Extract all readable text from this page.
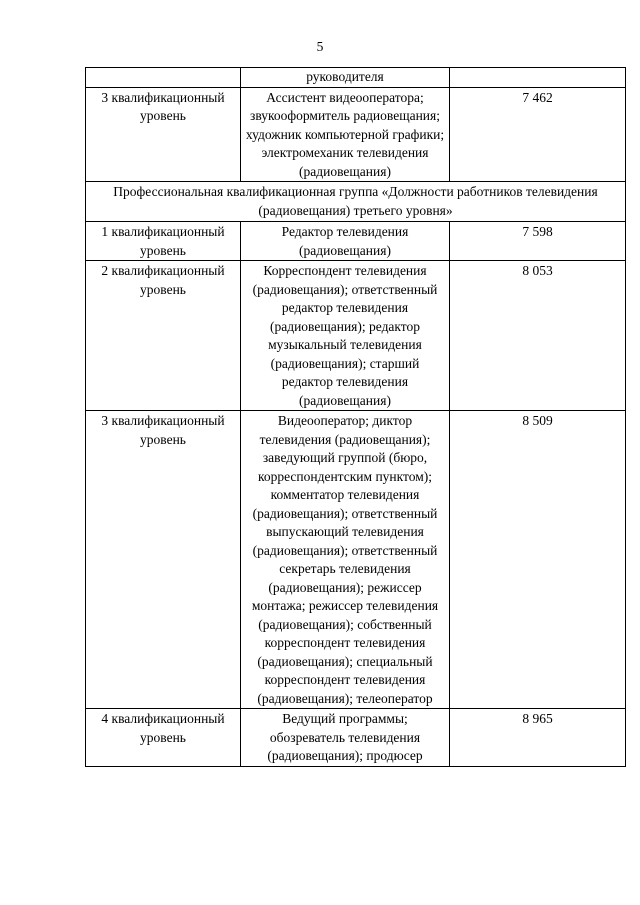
5
	руководителя	
3 квалификационный уровень	Ассистент видеооператора; звукооформитель радиовещания; художник компьютерной графики; электромеханик телевидения (радиовещания)	7 462
Профессиональная квалификационная группа «Должности работников телевидения (радиовещания) третьего уровня»		
1 квалификационный уровень	Редактор телевидения (радиовещания)	7 598
2 квалификационный уровень	Корреспондент телевидения (радиовещания); ответственный редактор телевидения (радиовещания); редактор музыкальный телевидения (радиовещания); старший редактор телевидения (радиовещания)	8 053
3 квалификационный уровень	Видеооператор; диктор телевидения (радиовещания); заведующий группой (бюро, корреспондентским пунктом); комментатор телевидения (радиовещания); ответственный выпускающий телевидения (радиовещания); ответственный секретарь телевидения (радиовещания); режиссер монтажа; режиссер телевидения (радиовещания); собственный корреспондент телевидения (радиовещания); специальный корреспондент телевидения (радиовещания); телеоператор	8 509
4 квалификационный уровень	Ведущий программы; обозреватель телевидения (радиовещания); продюсер	8 965
